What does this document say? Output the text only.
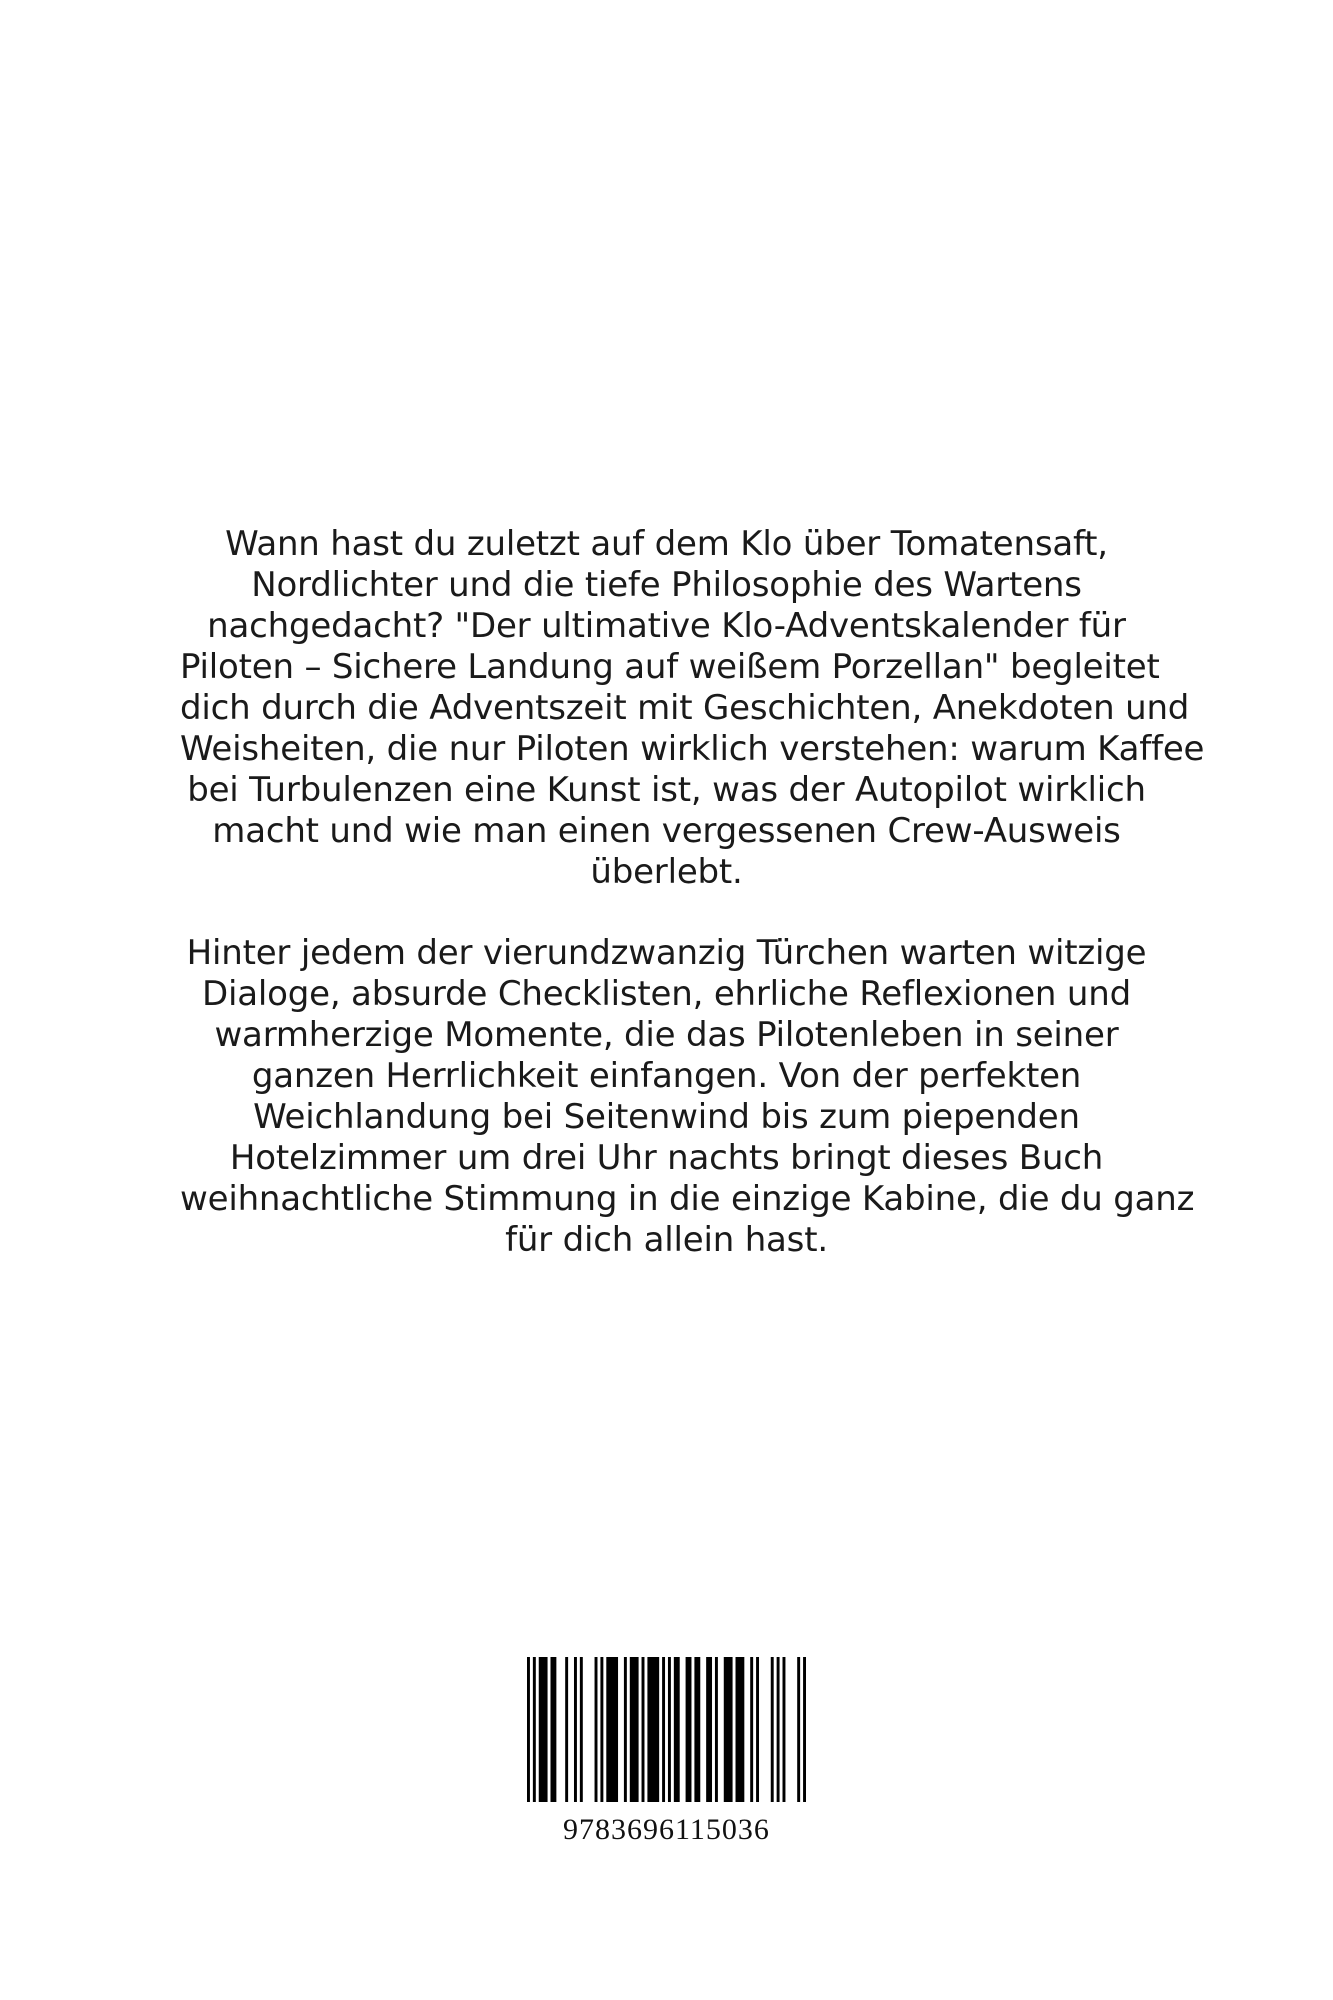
Wann hast du zuletzt auf dem Klo über Tomatensaft,
Nordlichter und die tiefe Philosophie des Wartens
nachgedacht? "Der ultimative Klo-Adventskalender für
Piloten – Sichere Landung auf weißem Porzellan" begleitet
dich durch die Adventszeit mit Geschichten, Anekdoten und
Weisheiten, die nur Piloten wirklich verstehen: warum Kaffee
bei Turbulenzen eine Kunst ist, was der Autopilot wirklich
macht und wie man einen vergessenen Crew-Ausweis
überlebt.

Hinter jedem der vierundzwanzig Türchen warten witzige
Dialoge, absurde Checklisten, ehrliche Reflexionen und
warmherzige Momente, die das Pilotenleben in seiner
ganzen Herrlichkeit einfangen. Von der perfekten
Weichlandung bei Seitenwind bis zum piependen
Hotelzimmer um drei Uhr nachts bringt dieses Buch
weihnachtliche Stimmung in die einzige Kabine, die du ganz
für dich allein hast.

9783696115036
